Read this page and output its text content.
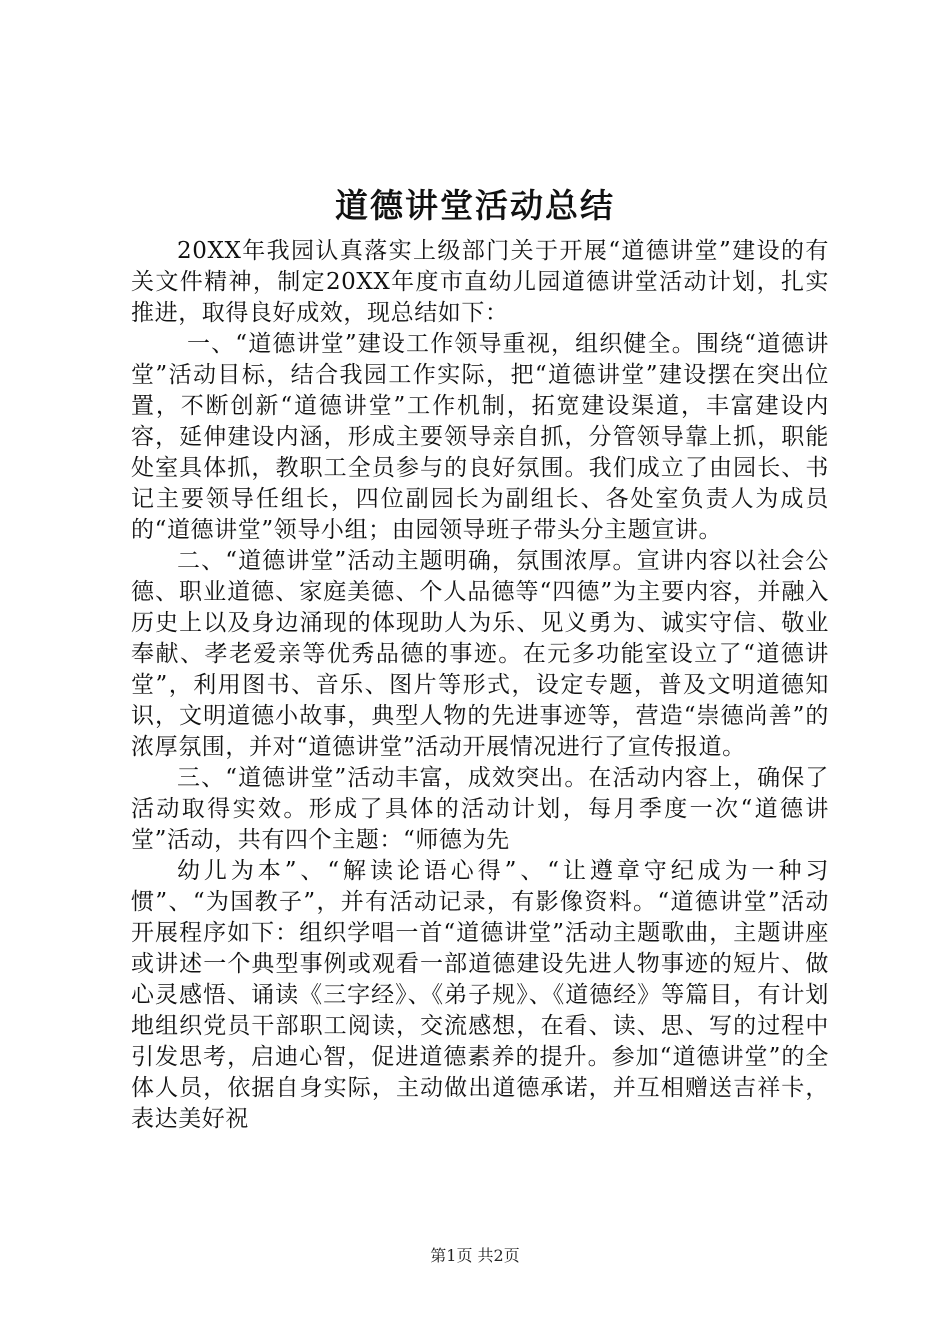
道德讲堂活动总结

20XX年我园认真落实上级部门关于开展“道德讲堂”建设的有关文件精神，制定20XX年度市直幼儿园道德讲堂活动计划，扎实推进，取得良好成效，现总结如下：

一、“道德讲堂”建设工作领导重视，组织健全。围绕“道德讲堂”活动目标，结合我园工作实际，把“道德讲堂”建设摆在突出位置，不断创新“道德讲堂”工作机制，拓宽建设渠道，丰富建设内容，延伸建设内涵，形成主要领导亲自抓，分管领导靠上抓，职能处室具体抓，教职工全员参与的良好氛围。我们成立了由园长、书记主要领导任组长，四位副园长为副组长、各处室负责人为成员的“道德讲堂”领导小组；由园领导班子带头分主题宣讲。

二、“道德讲堂”活动主题明确，氛围浓厚。宣讲内容以社会公德、职业道德、家庭美德、个人品德等“四德”为主要内容，并融入历史上以及身边涌现的体现助人为乐、见义勇为、诚实守信、敬业奉献、孝老爱亲等优秀品德的事迹。在元多功能室设立了“道德讲堂”，利用图书、音乐、图片等形式，设定专题，普及文明道德知识，文明道德小故事，典型人物的先进事迹等，营造“崇德尚善”的浓厚氛围，并对“道德讲堂”活动开展情况进行了宣传报道。

三、“道德讲堂”活动丰富，成效突出。在活动内容上，确保了活动取得实效。形成了具体的活动计划，每月季度一次“道德讲堂”活动，共有四个主题：“师德为先

幼儿为本”、“解读论语心得”、“让遵章守纪成为一种习惯”、“为国教子”，并有活动记录，有影像资料。“道德讲堂”活动开展程序如下：组织学唱一首“道德讲堂”活动主题歌曲，主题讲座或讲述一个典型事例或观看一部道德建设先进人物事迹的短片、做心灵感悟、诵读《三字经》、《弟子规》、《道德经》等篇目，有计划地组织党员干部职工阅读，交流感想，在看、读、思、写的过程中引发思考，启迪心智，促进道德素养的提升。参加“道德讲堂”的全体人员，依据自身实际，主动做出道德承诺，并互相赠送吉祥卡，表达美好祝

第1页 共2页
